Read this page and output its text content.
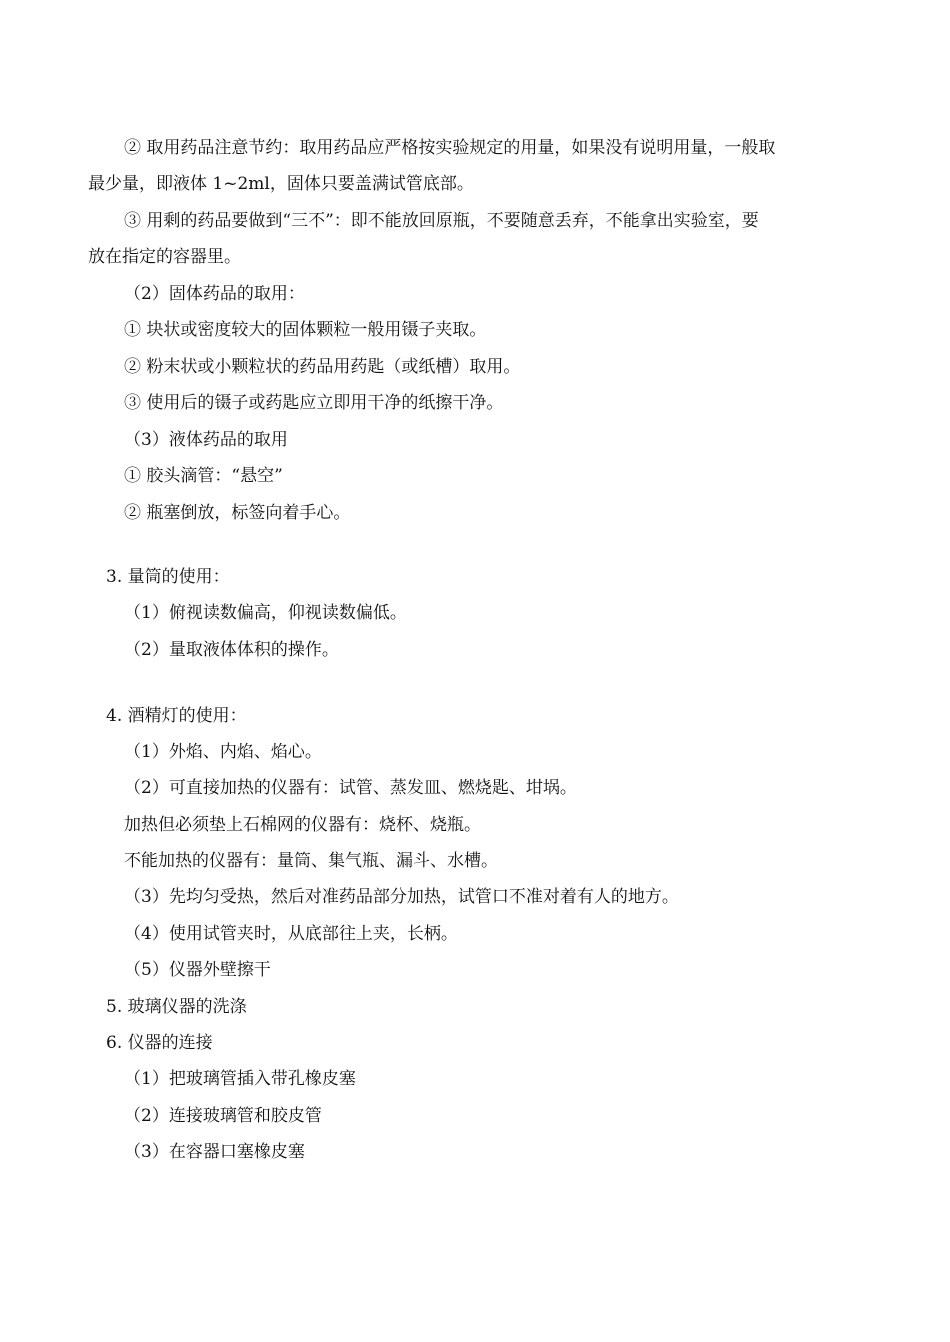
② 取用药品注意节约：取用药品应严格按实验规定的用量，如果没有说明用量，一般取
最少量，即液体 1~2ml，固体只要盖满试管底部。
③ 用剩的药品要做到“三不”：即不能放回原瓶，不要随意丢弃，不能拿出实验室，要
放在指定的容器里。
（2）固体药品的取用：
① 块状或密度较大的固体颗粒一般用镊子夹取。
② 粉末状或小颗粒状的药品用药匙（或纸槽）取用。
③ 使用后的镊子或药匙应立即用干净的纸擦干净。
（3）液体药品的取用
① 胶头滴管：“悬空”
② 瓶塞倒放，标签向着手心。
3. 量筒的使用：
（1）俯视读数偏高，仰视读数偏低。
（2）量取液体体积的操作。
4. 酒精灯的使用：
（1）外焰、内焰、焰心。
（2）可直接加热的仪器有：试管、蒸发皿、燃烧匙、坩埚。
加热但必须垫上石棉网的仪器有：烧杯、烧瓶。
不能加热的仪器有：量筒、集气瓶、漏斗、水槽。
（3）先均匀受热，然后对准药品部分加热，试管口不准对着有人的地方。
（4）使用试管夹时，从底部往上夹，长柄。
（5）仪器外壁擦干
5. 玻璃仪器的洗涤
6. 仪器的连接
（1）把玻璃管插入带孔橡皮塞
（2）连接玻璃管和胶皮管
（3）在容器口塞橡皮塞
